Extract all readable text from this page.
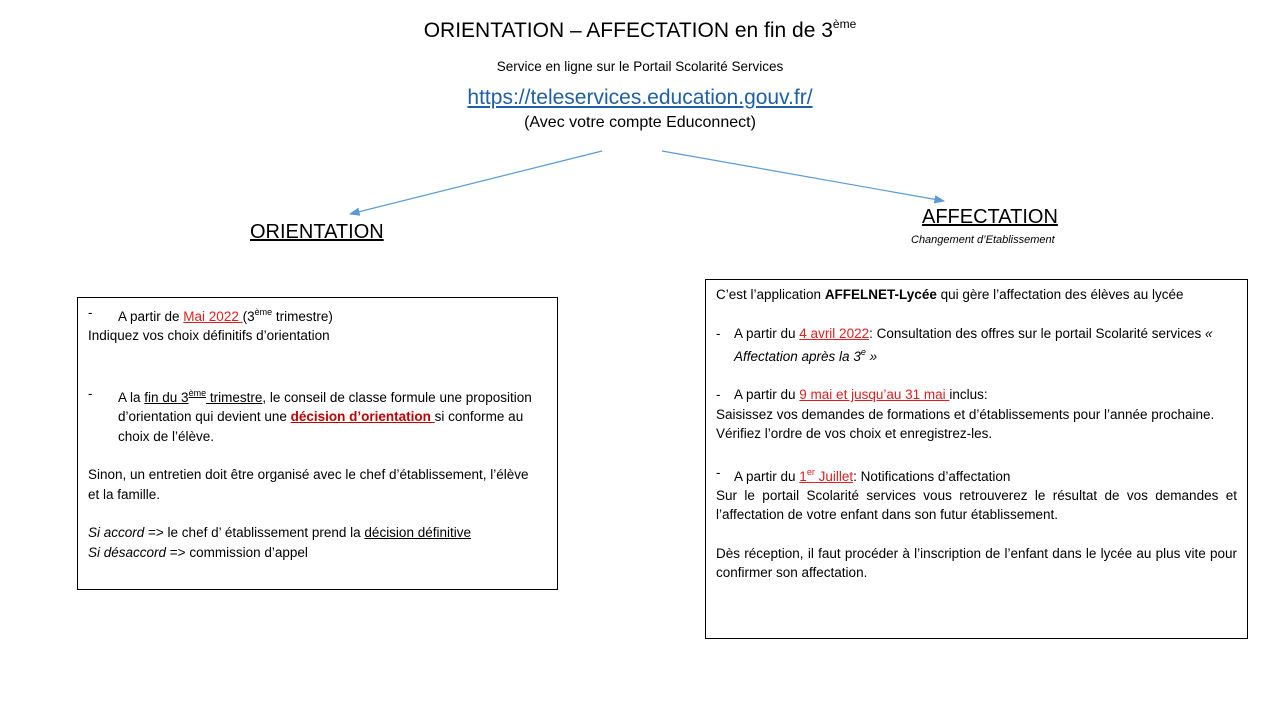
ORIENTATION – AFFECTATION en fin de 3ème
Service en ligne sur le Portail Scolarité Services
https://teleservices.education.gouv.fr/
(Avec votre compte Educonnect)
ORIENTATION
AFFECTATION
Changement d’Etablissement
-	A partir de Mai 2022 (3ème trimestre)

Indiquez vos choix définitifs d’orientation

-	A la fin du 3ème trimestre, le conseil de classe formule une proposition d’orientation qui devient une décision d’orientation si conforme au choix de l’élève.

Sinon, un entretien doit être organisé avec le chef d’établissement, l’élève et la famille.

Si accord => le chef d’ établissement prend la décision définitive

Si désaccord => commission d’appel

C’est l’application AFFELNET-Lycée qui gère l’affectation des élèves au lycée

-	A partir du 4 avril 2022: Consultation des offres sur le portail Scolarité services « Affectation après la 3e »
-	A partir du 9 mai et jusqu’au 31 mai inclus:

Saisissez vos demandes de formations et d’établissements pour l’année prochaine.

Vérifiez l’ordre de vos choix et enregistrez-les.

-	A partir du 1er Juillet: Notifications d’affectation

Sur le portail Scolarité services vous retrouverez le résultat de vos demandes et l’affectation de votre enfant dans son futur établissement.

Dès réception, il faut procéder à l’inscription de l’enfant dans le lycée au plus vite pour confirmer son affectation.
